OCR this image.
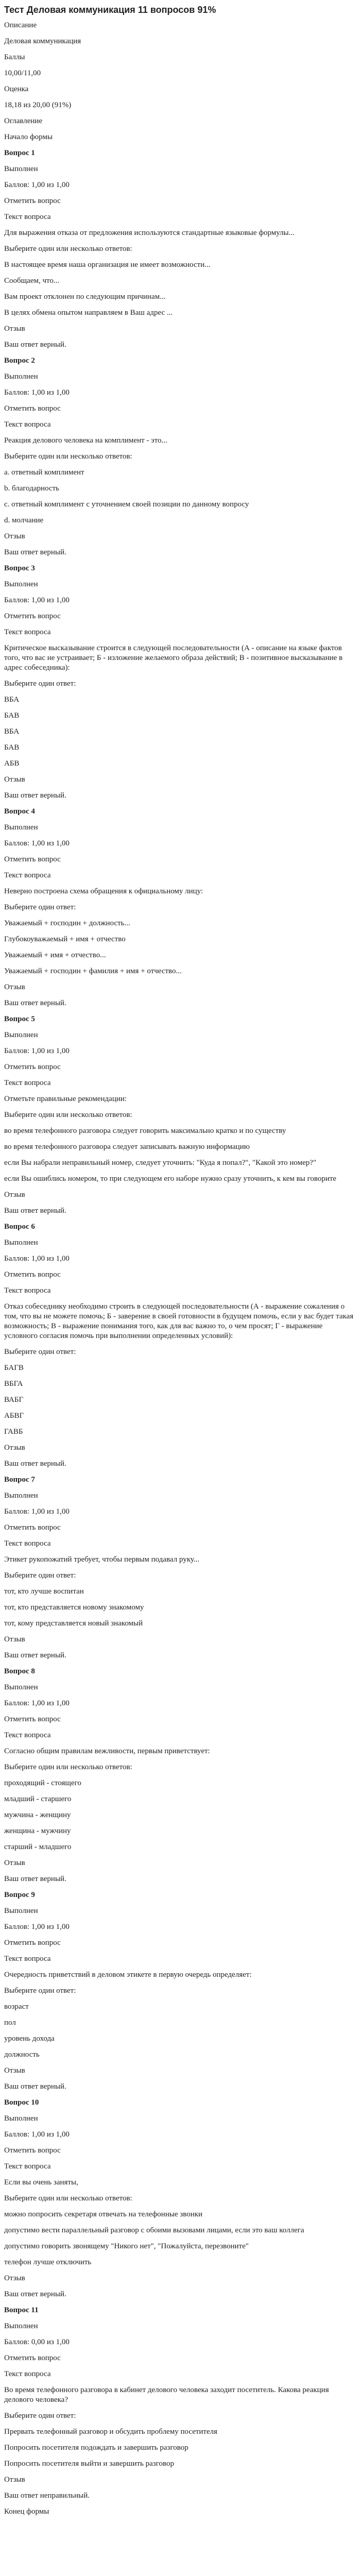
Тест Деловая коммуникация 11 вопросов 91%
Описание
Деловая коммуникация
Баллы
10,00/11,00
Оценка
18,18 из 20,00 (91%)
Оглавление
Начало формы
Вопрос 1
Выполнен
Баллов: 1,00 из 1,00
Отметить вопрос
Текст вопроса
Для выражения отказа от предложения используются стандартные языковые формулы...
Выберите один или несколько ответов:
В настоящее время наша организация не имеет возможности...
Сообщаем, что...
Вам проект отклонен по следующим причинам...
В целях обмена опытом направляем в Ваш адрес ...
Отзыв
Ваш ответ верный.
Вопрос 2
Выполнен
Баллов: 1,00 из 1,00
Отметить вопрос
Текст вопроса
Реакция делового человека на комплимент - это...
Выберите один или несколько ответов:
a. ответный комплимент
b. благодарность
c. ответный комплимент с уточнением своей позиции по данному вопросу
d. молчание
Отзыв
Ваш ответ верный.
Вопрос 3
Выполнен
Баллов: 1,00 из 1,00
Отметить вопрос
Текст вопроса
Критическое высказывание строится в следующей последовательности (А - описание на языке фактов того, что вас не устраивает; Б - изложение желаемого образа действий; В - позитивное высказывание в адрес собеседника):
Выберите один ответ:
ВБА
БАВ
ВБА
БАВ
АБВ
Отзыв
Ваш ответ верный.
Вопрос 4
Выполнен
Баллов: 1,00 из 1,00
Отметить вопрос
Текст вопроса
Неверно построена схема обращения к официальному лицу:
Выберите один ответ:
Уважаемый + господин + должность...
Глубокоуважаемый + имя + отчество
Уважаемый + имя + отчество...
Уважаемый + господин + фамилия + имя + отчество...
Отзыв
Ваш ответ верный.
Вопрос 5
Выполнен
Баллов: 1,00 из 1,00
Отметить вопрос
Текст вопроса
Отметьте правильные рекомендации:
Выберите один или несколько ответов:
во время телефонного разговора следует говорить максимально кратко и по существу
во время телефонного разговора следует записывать важную информацию
если Вы набрали неправильный номер, следует уточнить: "Куда я попал?", "Какой это номер?"
если Вы ошиблись номером, то при следующем его наборе нужно сразу уточнить, к кем вы говорите
Отзыв
Ваш ответ верный.
Вопрос 6
Выполнен
Баллов: 1,00 из 1,00
Отметить вопрос
Текст вопроса
Отказ собеседнику необходимо строить в следующей последовательности (А - выражение сожаления о том, что вы не можете помочь; Б - заверение в своей готовности в будущем помочь, если у вас будет такая возможность; В - выражение понимания того, как для вас важно то, о чем просят; Г - выражение условного согласия помочь при выполнении определенных условий):
Выберите один ответ:
БАГВ
ВБГА
ВАБГ
АБВГ
ГАВБ
Отзыв
Ваш ответ верный.
Вопрос 7
Выполнен
Баллов: 1,00 из 1,00
Отметить вопрос
Текст вопроса
Этикет рукопожатий требует, чтобы первым подавал руку...
Выберите один ответ:
тот, кто лучше воспитан
тот, кто представляется новому знакомому
тот, кому представляется новый знакомый
Отзыв
Ваш ответ верный.
Вопрос 8
Выполнен
Баллов: 1,00 из 1,00
Отметить вопрос
Текст вопроса
Согласно общим правилам вежливости, первым приветствует:
Выберите один или несколько ответов:
проходящий - стоящего
младший - старшего
мужчина - женщину
женщина - мужчину
старший - младшего
Отзыв
Ваш ответ верный.
Вопрос 9
Выполнен
Баллов: 1,00 из 1,00
Отметить вопрос
Текст вопроса
Очередность приветствий в деловом этикете в первую очередь определяет:
Выберите один ответ:
возраст
пол
уровень дохода
должность
Отзыв
Ваш ответ верный.
Вопрос 10
Выполнен
Баллов: 1,00 из 1,00
Отметить вопрос
Текст вопроса
Если вы очень заняты,
Выберите один или несколько ответов:
можно попросить секретаря отвечать на телефонные звонки
допустимо вести параллельный разговор с обоими вызовами лицами, если это ваш коллега
допустимо говорить звонящему "Никого нет", "Пожалуйста, перезвоните"
телефон лучше отключить
Отзыв
Ваш ответ верный.
Вопрос 11
Выполнен
Баллов: 0,00 из 1,00
Отметить вопрос
Текст вопроса
Во время телефонного разговора в кабинет делового человека заходит посетитель. Какова реакция делового человека?
Выберите один ответ:
Прервать телефонный разговор и обсудить проблему посетителя
Попросить посетителя подождать и завершить разговор
Попросить посетителя выйти и завершить разговор
Отзыв
Ваш ответ неправильный.
Конец формы
